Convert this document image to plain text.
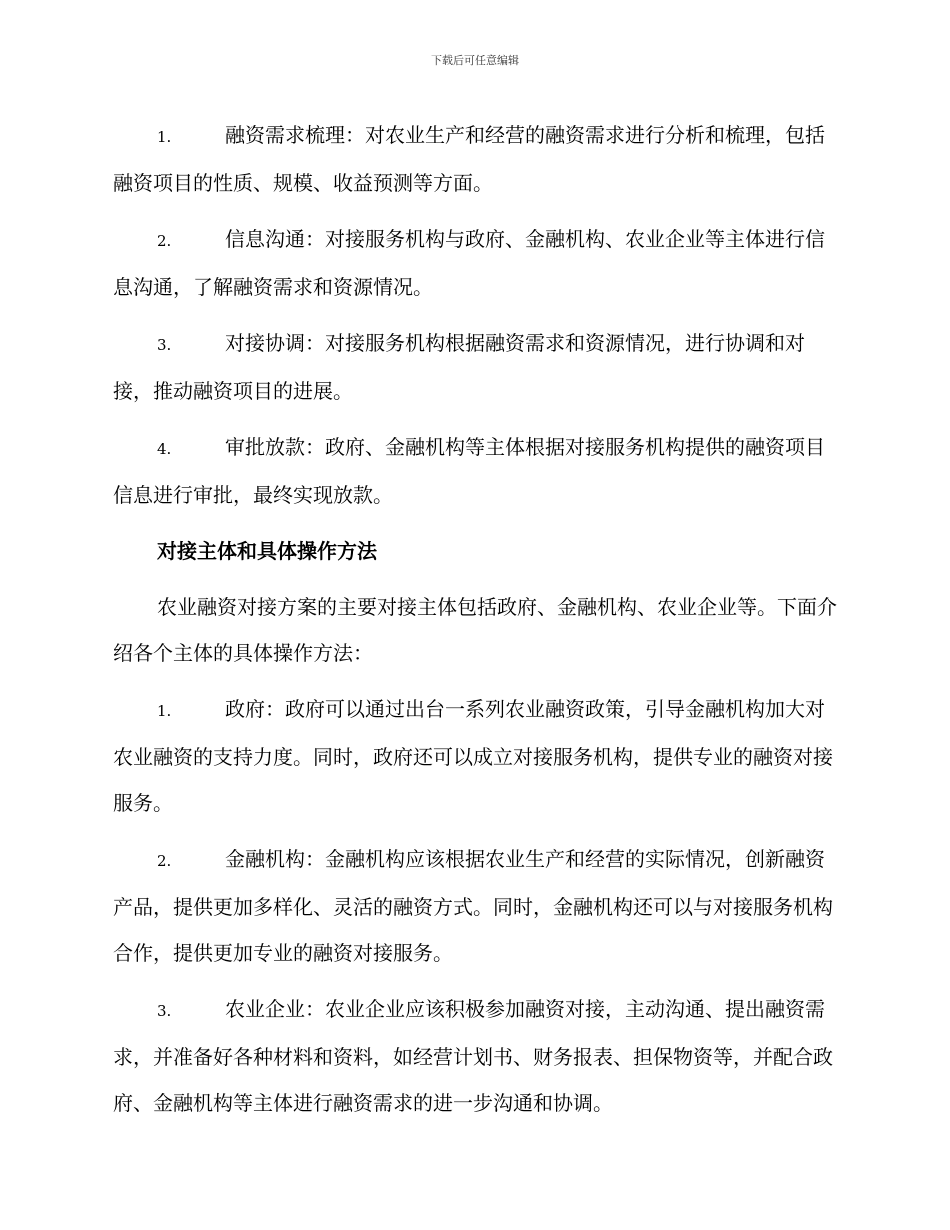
下载后可任意编辑
1.	融资需求梳理：对农业生产和经营的融资需求进行分析和梳理，包括融资项目的性质、规模、收益预测等方面。
2.	信息沟通：对接服务机构与政府、金融机构、农业企业等主体进行信息沟通，了解融资需求和资源情况。
3.	对接协调：对接服务机构根据融资需求和资源情况，进行协调和对接，推动融资项目的进展。
4.	审批放款：政府、金融机构等主体根据对接服务机构提供的融资项目信息进行审批，最终实现放款。
对接主体和具体操作方法
农业融资对接方案的主要对接主体包括政府、金融机构、农业企业等。下面介绍各个主体的具体操作方法：
1.	政府：政府可以通过出台一系列农业融资政策，引导金融机构加大对农业融资的支持力度。同时，政府还可以成立对接服务机构，提供专业的融资对接服务。
2.	金融机构：金融机构应该根据农业生产和经营的实际情况，创新融资产品，提供更加多样化、灵活的融资方式。同时，金融机构还可以与对接服务机构合作，提供更加专业的融资对接服务。
3.	农业企业：农业企业应该积极参加融资对接，主动沟通、提出融资需求，并准备好各种材料和资料，如经营计划书、财务报表、担保物资等，并配合政府、金融机构等主体进行融资需求的进一步沟通和协调。
